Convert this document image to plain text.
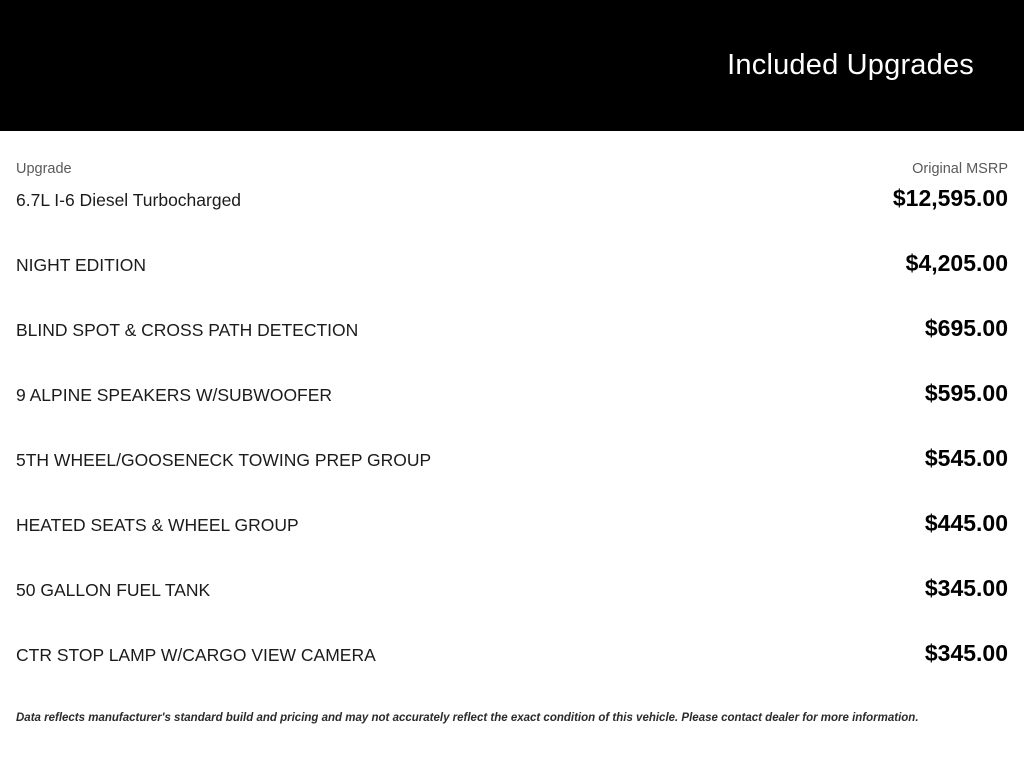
Included Upgrades
Upgrade	Original MSRP
6.7L I-6 Diesel Turbocharged	$12,595.00
NIGHT EDITION	$4,205.00
BLIND SPOT & CROSS PATH DETECTION	$695.00
9 ALPINE SPEAKERS W/SUBWOOFER	$595.00
5TH WHEEL/GOOSENECK TOWING PREP GROUP	$545.00
HEATED SEATS & WHEEL GROUP	$445.00
50 GALLON FUEL TANK	$345.00
CTR STOP LAMP W/CARGO VIEW CAMERA	$345.00
Data reflects manufacturer's standard build and pricing and may not accurately reflect the exact condition of this vehicle. Please contact dealer for more information.
